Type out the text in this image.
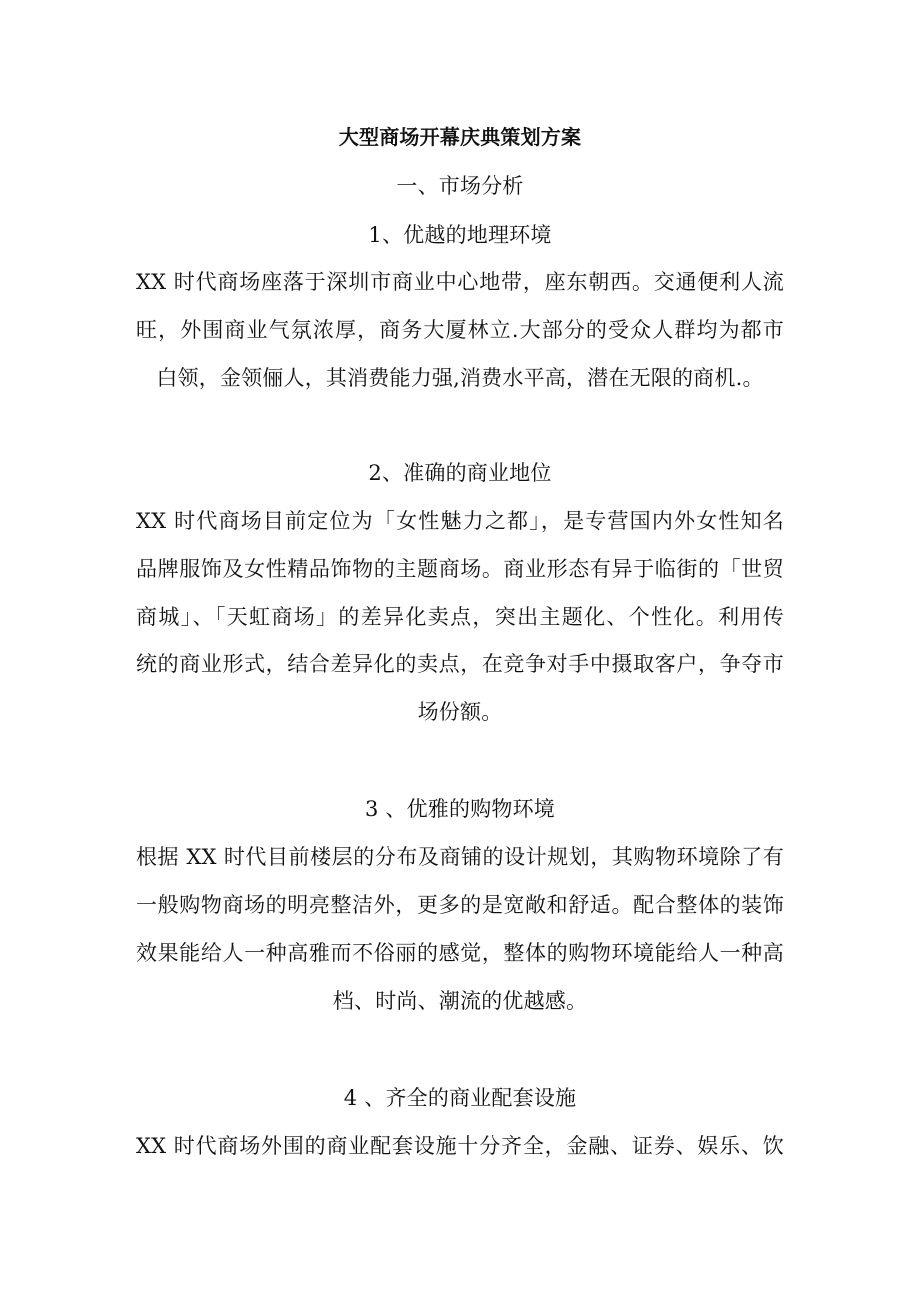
大型商场开幕庆典策划方案
一、市场分析
1、优越的地理环境
XX 时代商场座落于深圳市商业中心地带，座东朝西。交通便利人流
旺，外围商业气氛浓厚，商务大厦林立.大部分的受众人群均为都市
白领，金领俪人，其消费能力强,消费水平高，潜在无限的商机.。
2、准确的商业地位
XX 时代商场目前定位为「女性魅力之都」，是专营国内外女性知名
品牌服饰及女性精品饰物的主题商场。商业形态有异于临街的「世贸
商城」、「天虹商场」的差异化卖点，突出主题化、个性化。利用传
统的商业形式，结合差异化的卖点，在竞争对手中摄取客户，争夺市
场份额。
3 、优雅的购物环境
根据 XX 时代目前楼层的分布及商铺的设计规划，其购物环境除了有
一般购物商场的明亮整洁外，更多的是宽敞和舒适。配合整体的装饰
效果能给人一种高雅而不俗丽的感觉，整体的购物环境能给人一种高
档、时尚、潮流的优越感。
4 、齐全的商业配套设施
XX 时代商场外围的商业配套设施十分齐全，金融、证券、娱乐、饮
